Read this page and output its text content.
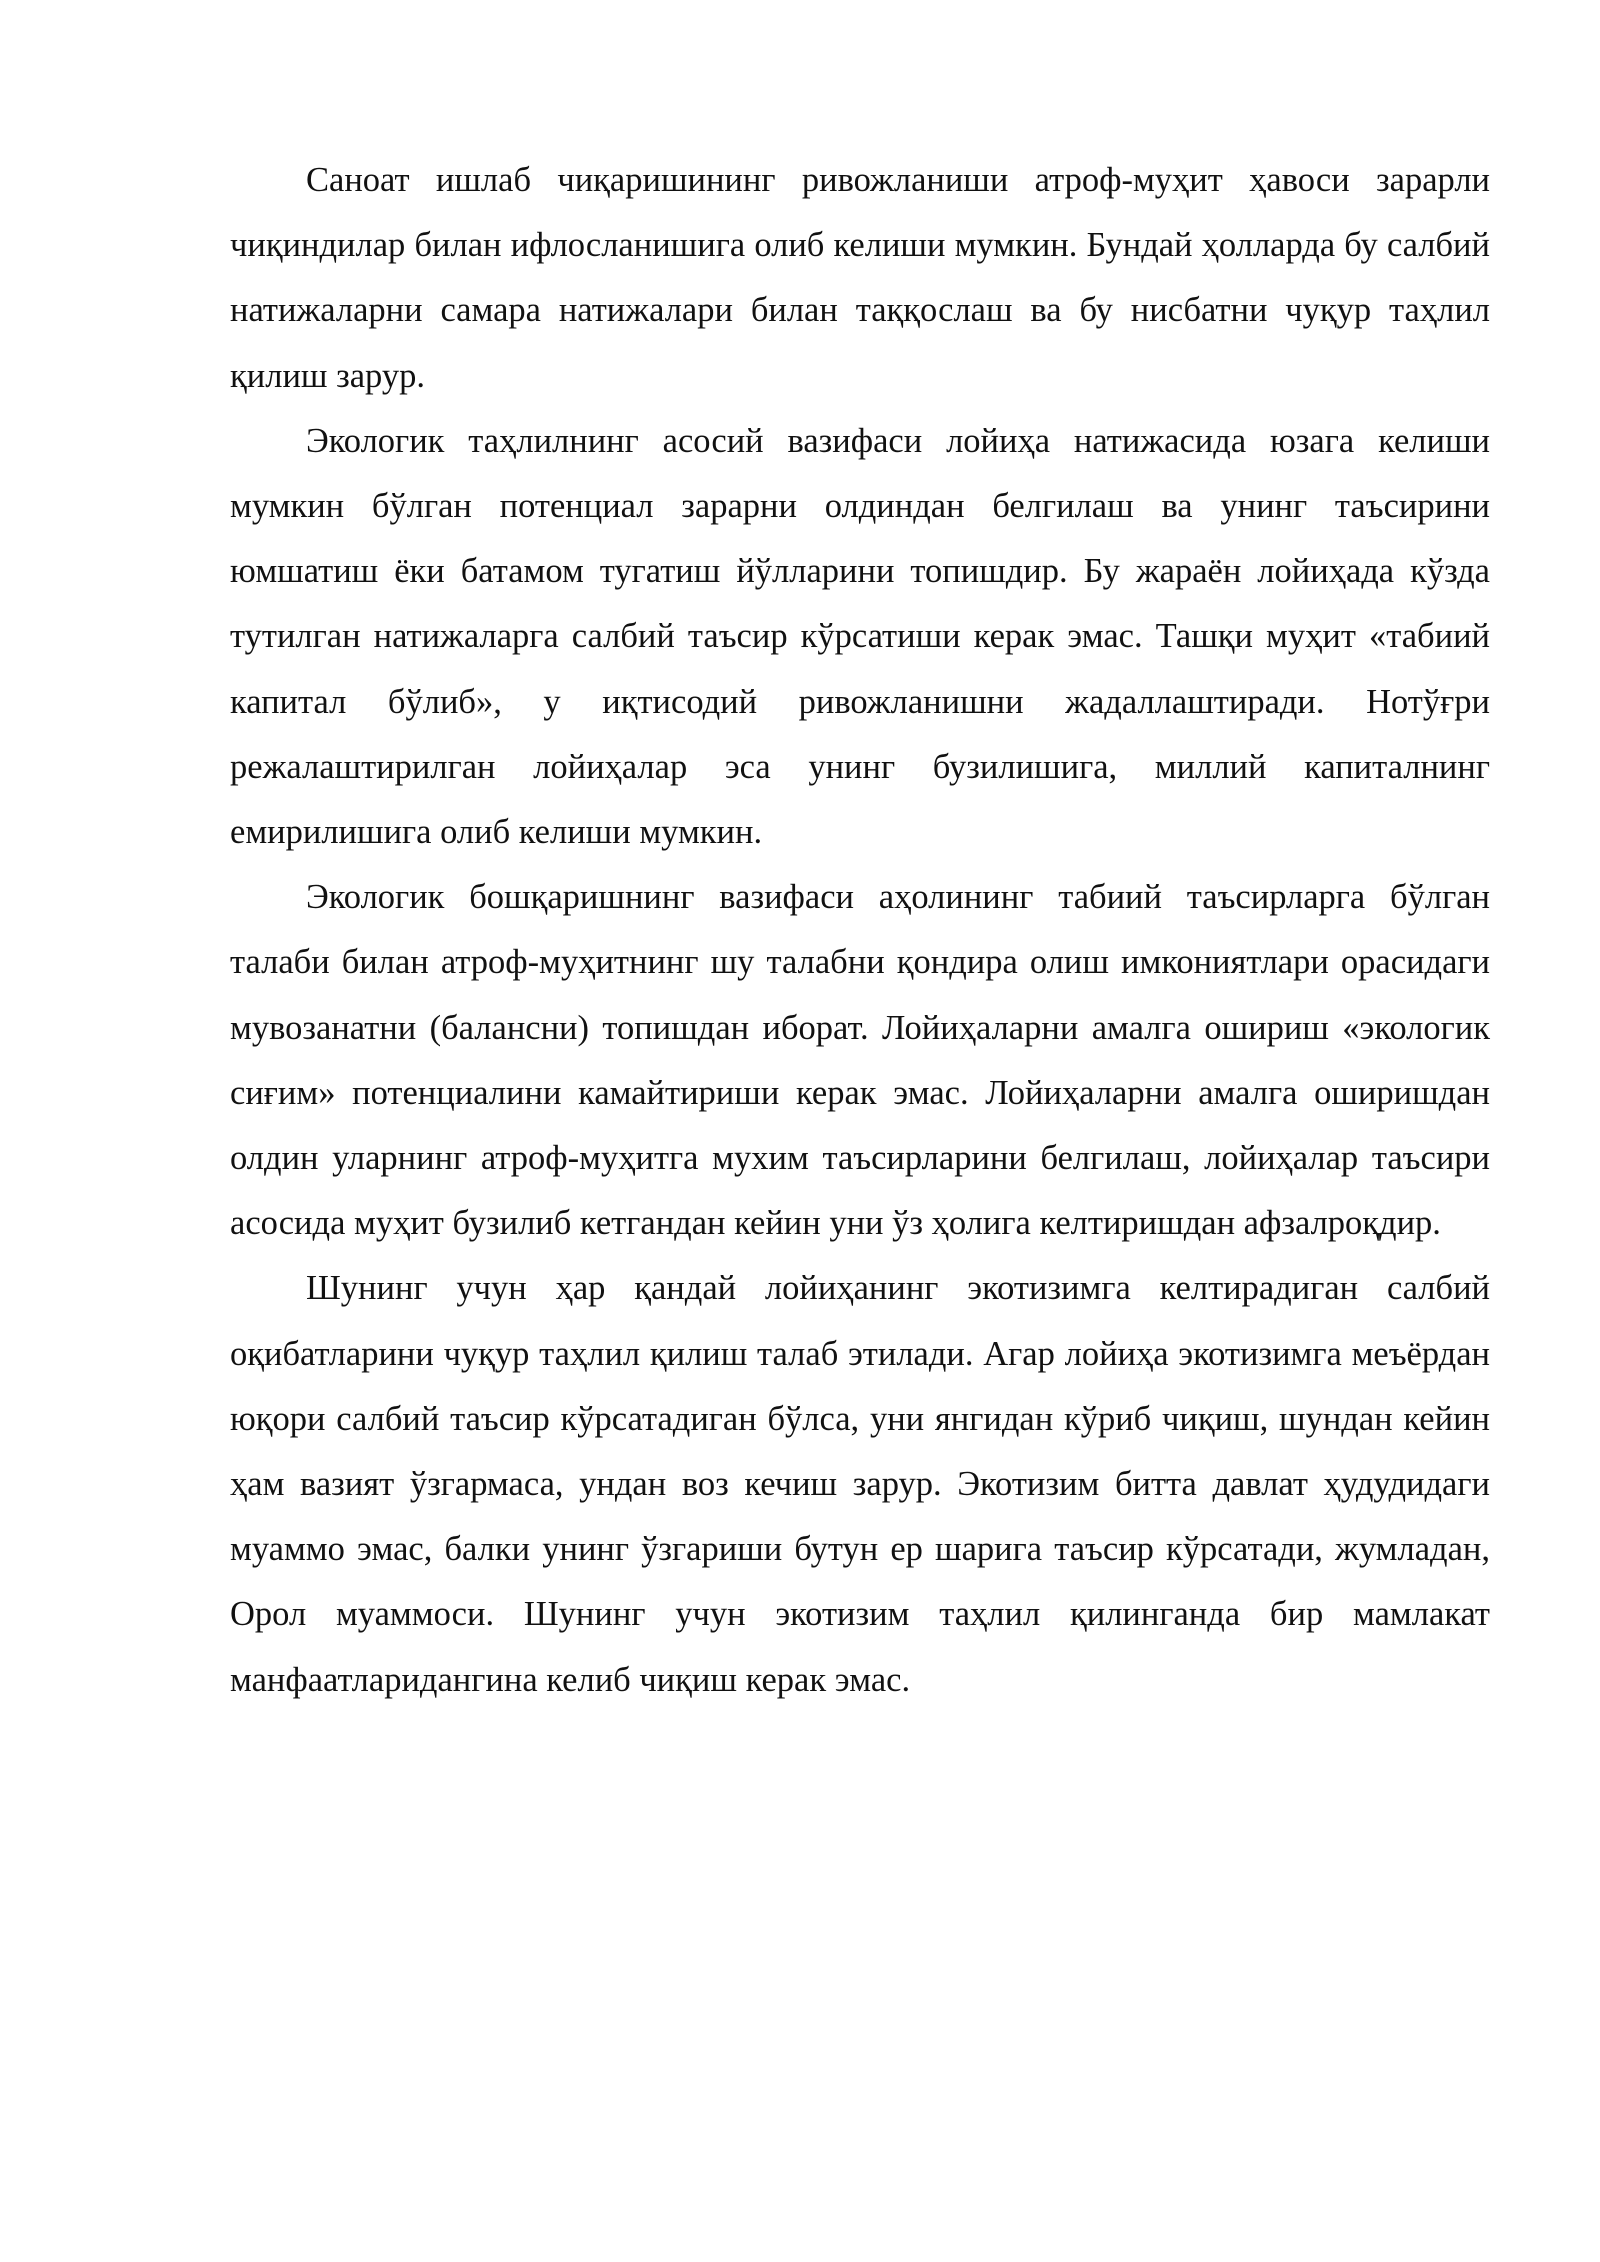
Саноат ишлаб чиқаришининг ривожланиши атроф-муҳит ҳавоси зарарли чиқиндилар билан ифлосланишига олиб келиши мумкин. Бундай ҳолларда бу салбий натижаларни самара натижалари билан таққослаш ва бу нисбатни чуқур таҳлил қилиш зарур.

Экологик таҳлилнинг асосий вазифаси лойиҳа натижасида юзага келиши мумкин бўлган потенциал зарарни олдиндан белгилаш ва унинг таъсирини юмшатиш ёки батамом тугатиш йўлларини топишдир. Бу жараён лойиҳада кўзда тутилган натижаларга салбий таъсир кўрсатиши керак эмас. Ташқи муҳит «табиий капитал бўлиб», у иқтисодий ривожланишни жадаллаштиради. Нотўғри режалаштирилган лойиҳалар эса унинг бузилишига, миллий капиталнинг емирилишига олиб келиши мумкин.

Экологик бошқаришнинг вазифаси аҳолининг табиий таъсирларга бўлган талаби билан атроф-муҳитнинг шу талабни қондира олиш имкониятлари орасидаги мувозанатни (балансни) топишдан иборат. Лойиҳаларни амалга ошириш «экологик сиғим» потенциалини камайтириши керак эмас. Лойиҳаларни амалга оширишдан олдин уларнинг атроф-муҳитга мухим таъсирларини белгилаш, лойиҳалар таъсири асосида муҳит бузилиб кетгандан кейин уни ўз ҳолига келтиришдан афзалроқдир.

Шунинг учун ҳар қандай лойиҳанинг экотизимга келтирадиган салбий оқибатларини чуқур таҳлил қилиш талаб этилади. Агар лойиҳа экотизимга меъёрдан юқори салбий таъсир кўрсатадиган бўлса, уни янгидан кўриб чиқиш, шундан кейин ҳам вазият ўзгармаса, ундан воз кечиш зарур. Экотизим битта давлат ҳудудидаги муаммо эмас, балки унинг ўзгариши бутун ер шарига таъсир кўрсатади, жумладан, Орол муаммоси. Шунинг учун экотизим таҳлил қилинганда бир мамлакат манфаатларидангина келиб чиқиш керак эмас.
